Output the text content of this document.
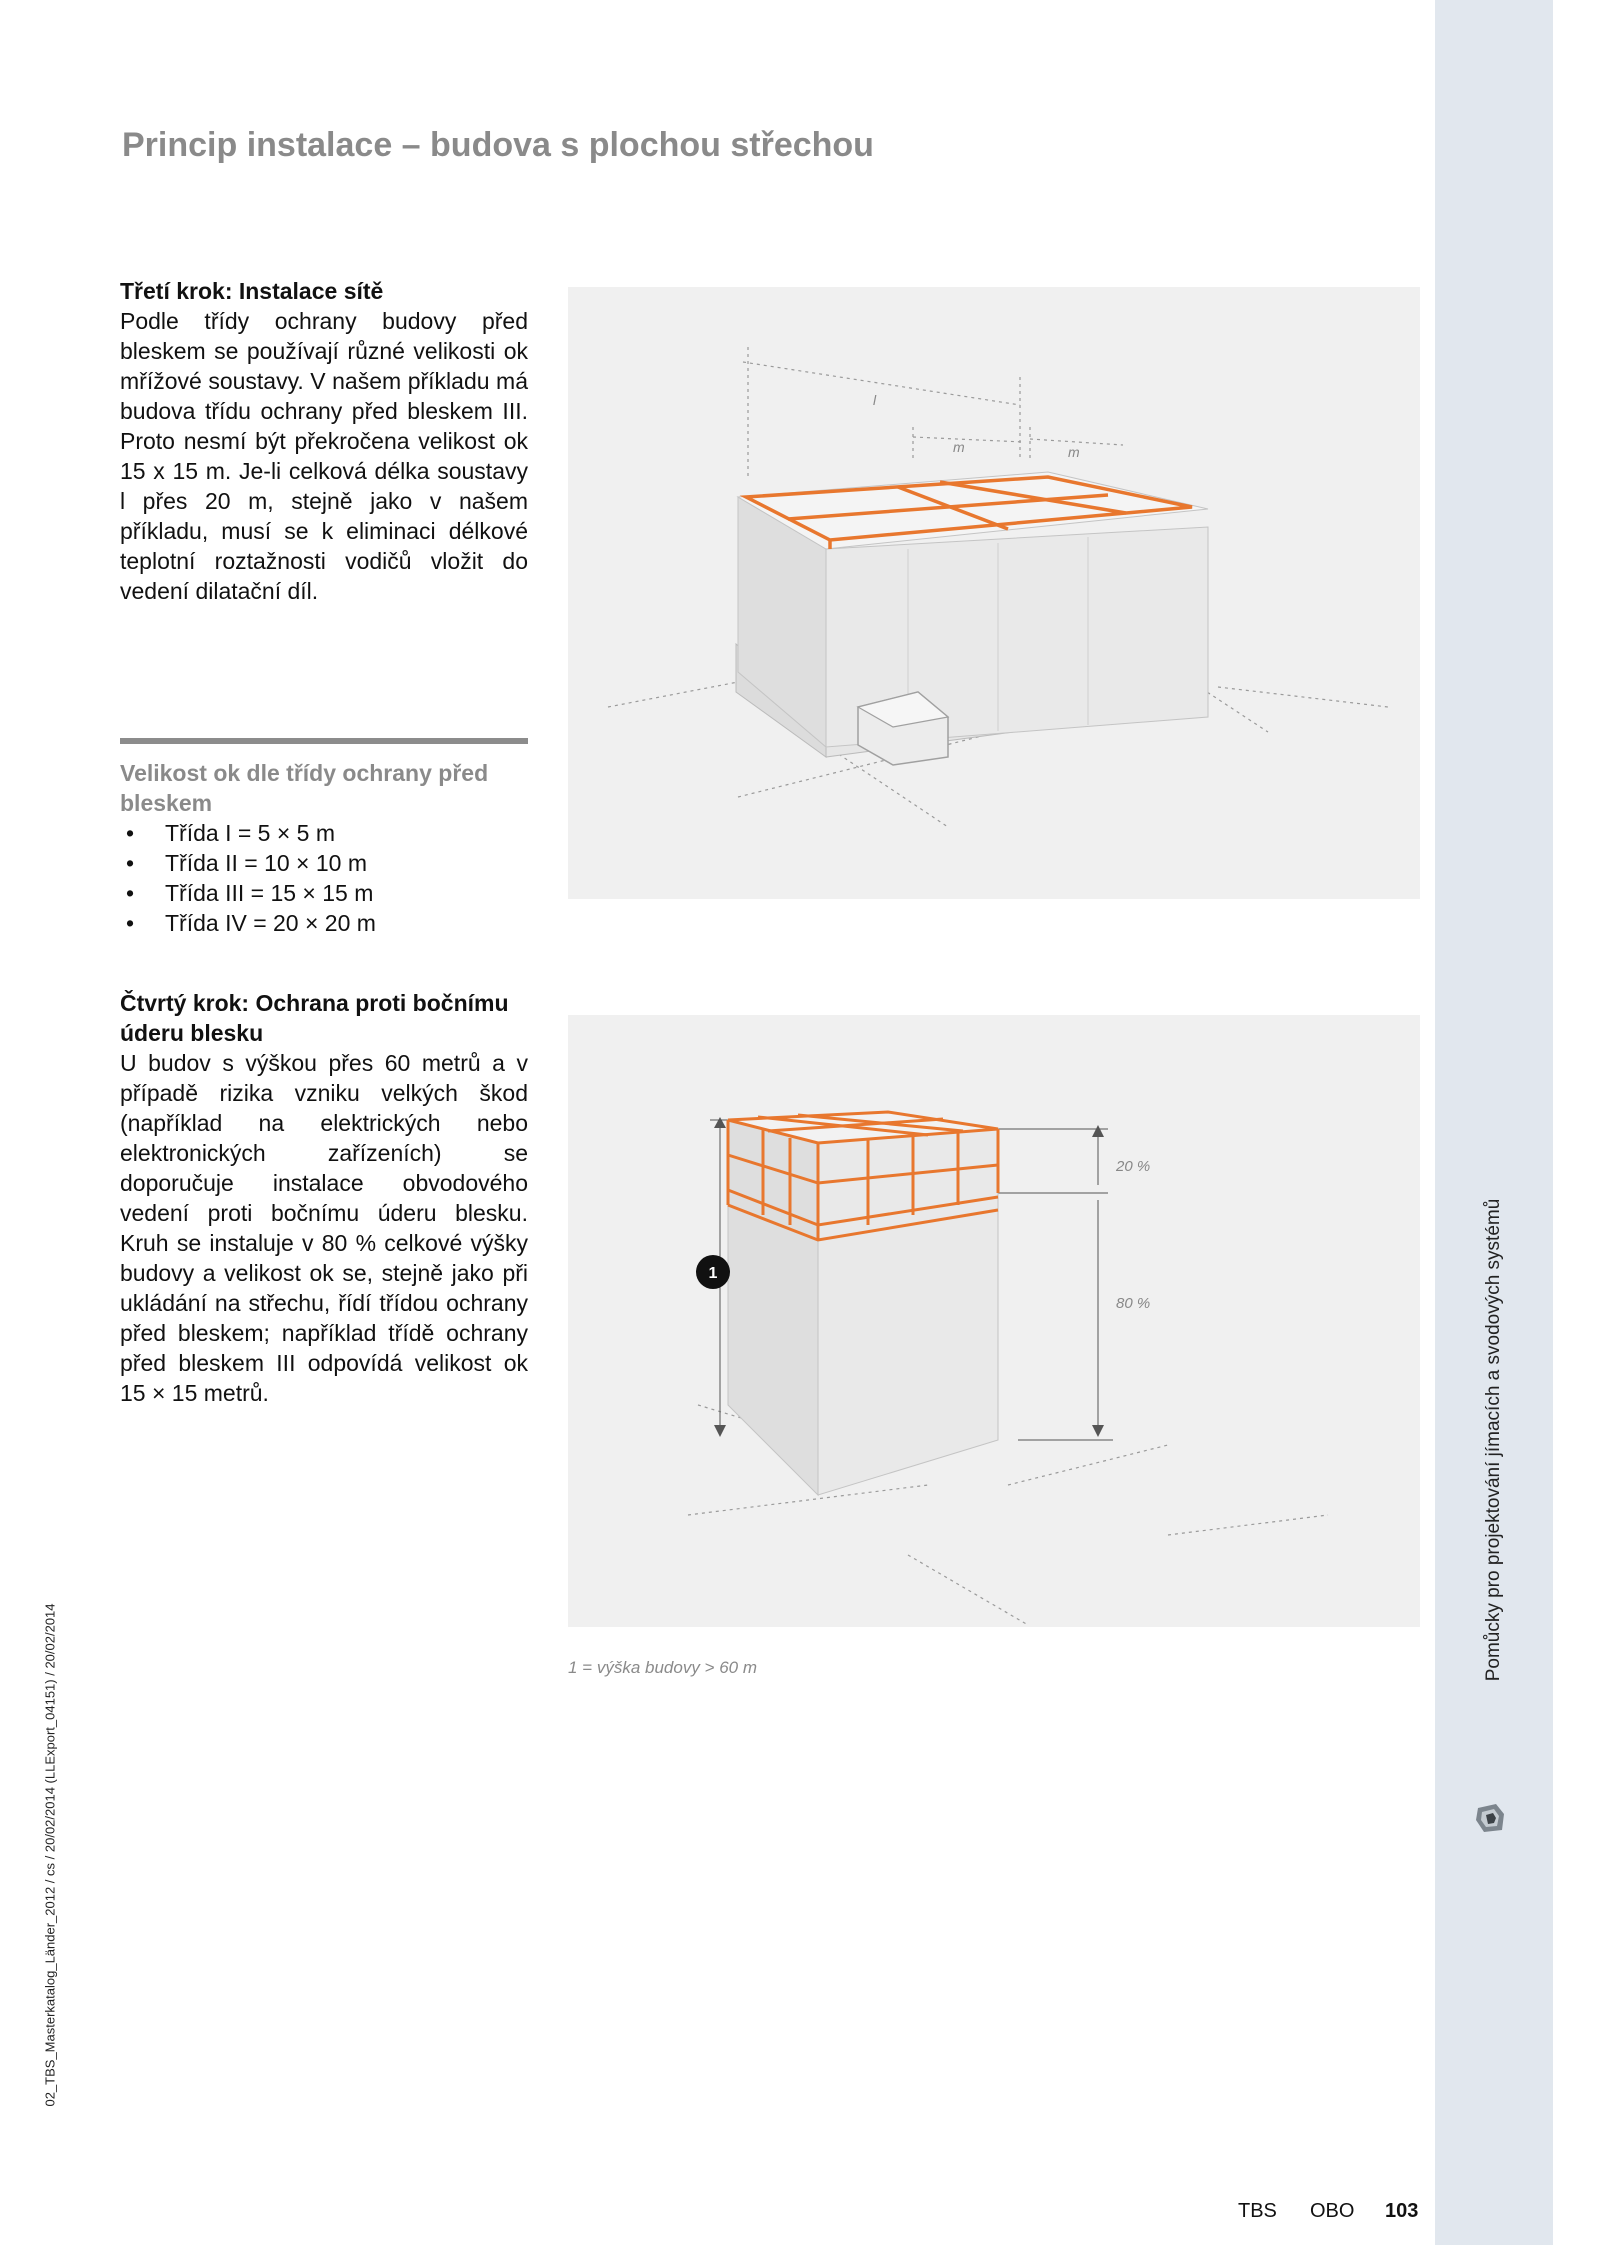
Pomůcky pro projektování jímacích a svodových systémů
02_TBS_Masterkatalog_Länder_2012 / cs / 20/02/2014 (LLExport_04151) / 20/02/2014
Princip instalace – budova s plochou střechou

Třetí krok: Instalace sítě

Podle třídy ochrany budovy před bleskem se používají různé velikosti ok mřížové soustavy. V našem příkladu má budova třídu ochrany před bleskem III. Proto nesmí být překročena velikost ok 15 x 15 m. Je-li celková délka soustavy l přes 20 m, stejně jako v našem příkladu, musí se k eliminaci délkové teplotní roztažnosti vodičů vložit do vedení dilatační díl.

Velikost ok dle třídy ochrany před bleskem

• Třída I = 5 × 5 m
• Třída II = 10 × 10 m
• Třída III = 15 × 15 m
• Třída IV = 20 × 20 m

Čtvrtý krok: Ochrana proti bočnímu úderu blesku

U budov s výškou přes 60 metrů a v případě rizika vzniku velkých škod (například na elektrických nebo elektronických zařízeních) se doporučuje instalace obvodového vedení proti bočnímu úderu blesku. Kruh se instaluje v 80 % celkové výšky budovy a velikost ok se, stejně jako při ukládání na střechu, řídí třídou ochrany před bleskem; například třídě ochrany před bleskem III odpovídá velikost ok 15 × 15 metrů.

l
m	m
1
20 %
80 %
1 = výška budovy > 60 m
TBS OBO 103
